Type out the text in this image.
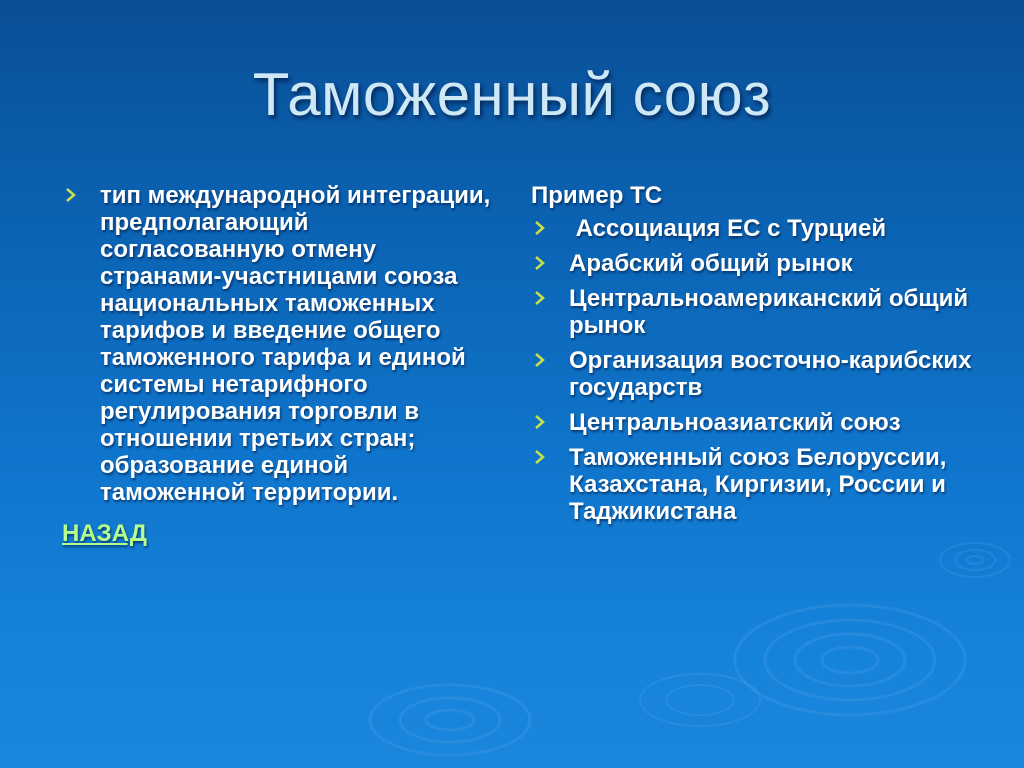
Таможенный союз
тип международной интеграции, предполагающий согласованную отмену странами-участницами союза национальных таможенных тарифов и введение общего таможенного тарифа и единой системы нетарифного регулирования торговли в отношении третьих стран; образование единой таможенной территории.
НАЗАД
Пример ТС
Ассоциация ЕС с Турцией
Арабский общий рынок
Центральноамериканский общий рынок
Организация восточно-карибских государств
Центральноазиатский союз
Таможенный союз Белоруссии, Казахстана, Киргизии, России и Таджикистана
